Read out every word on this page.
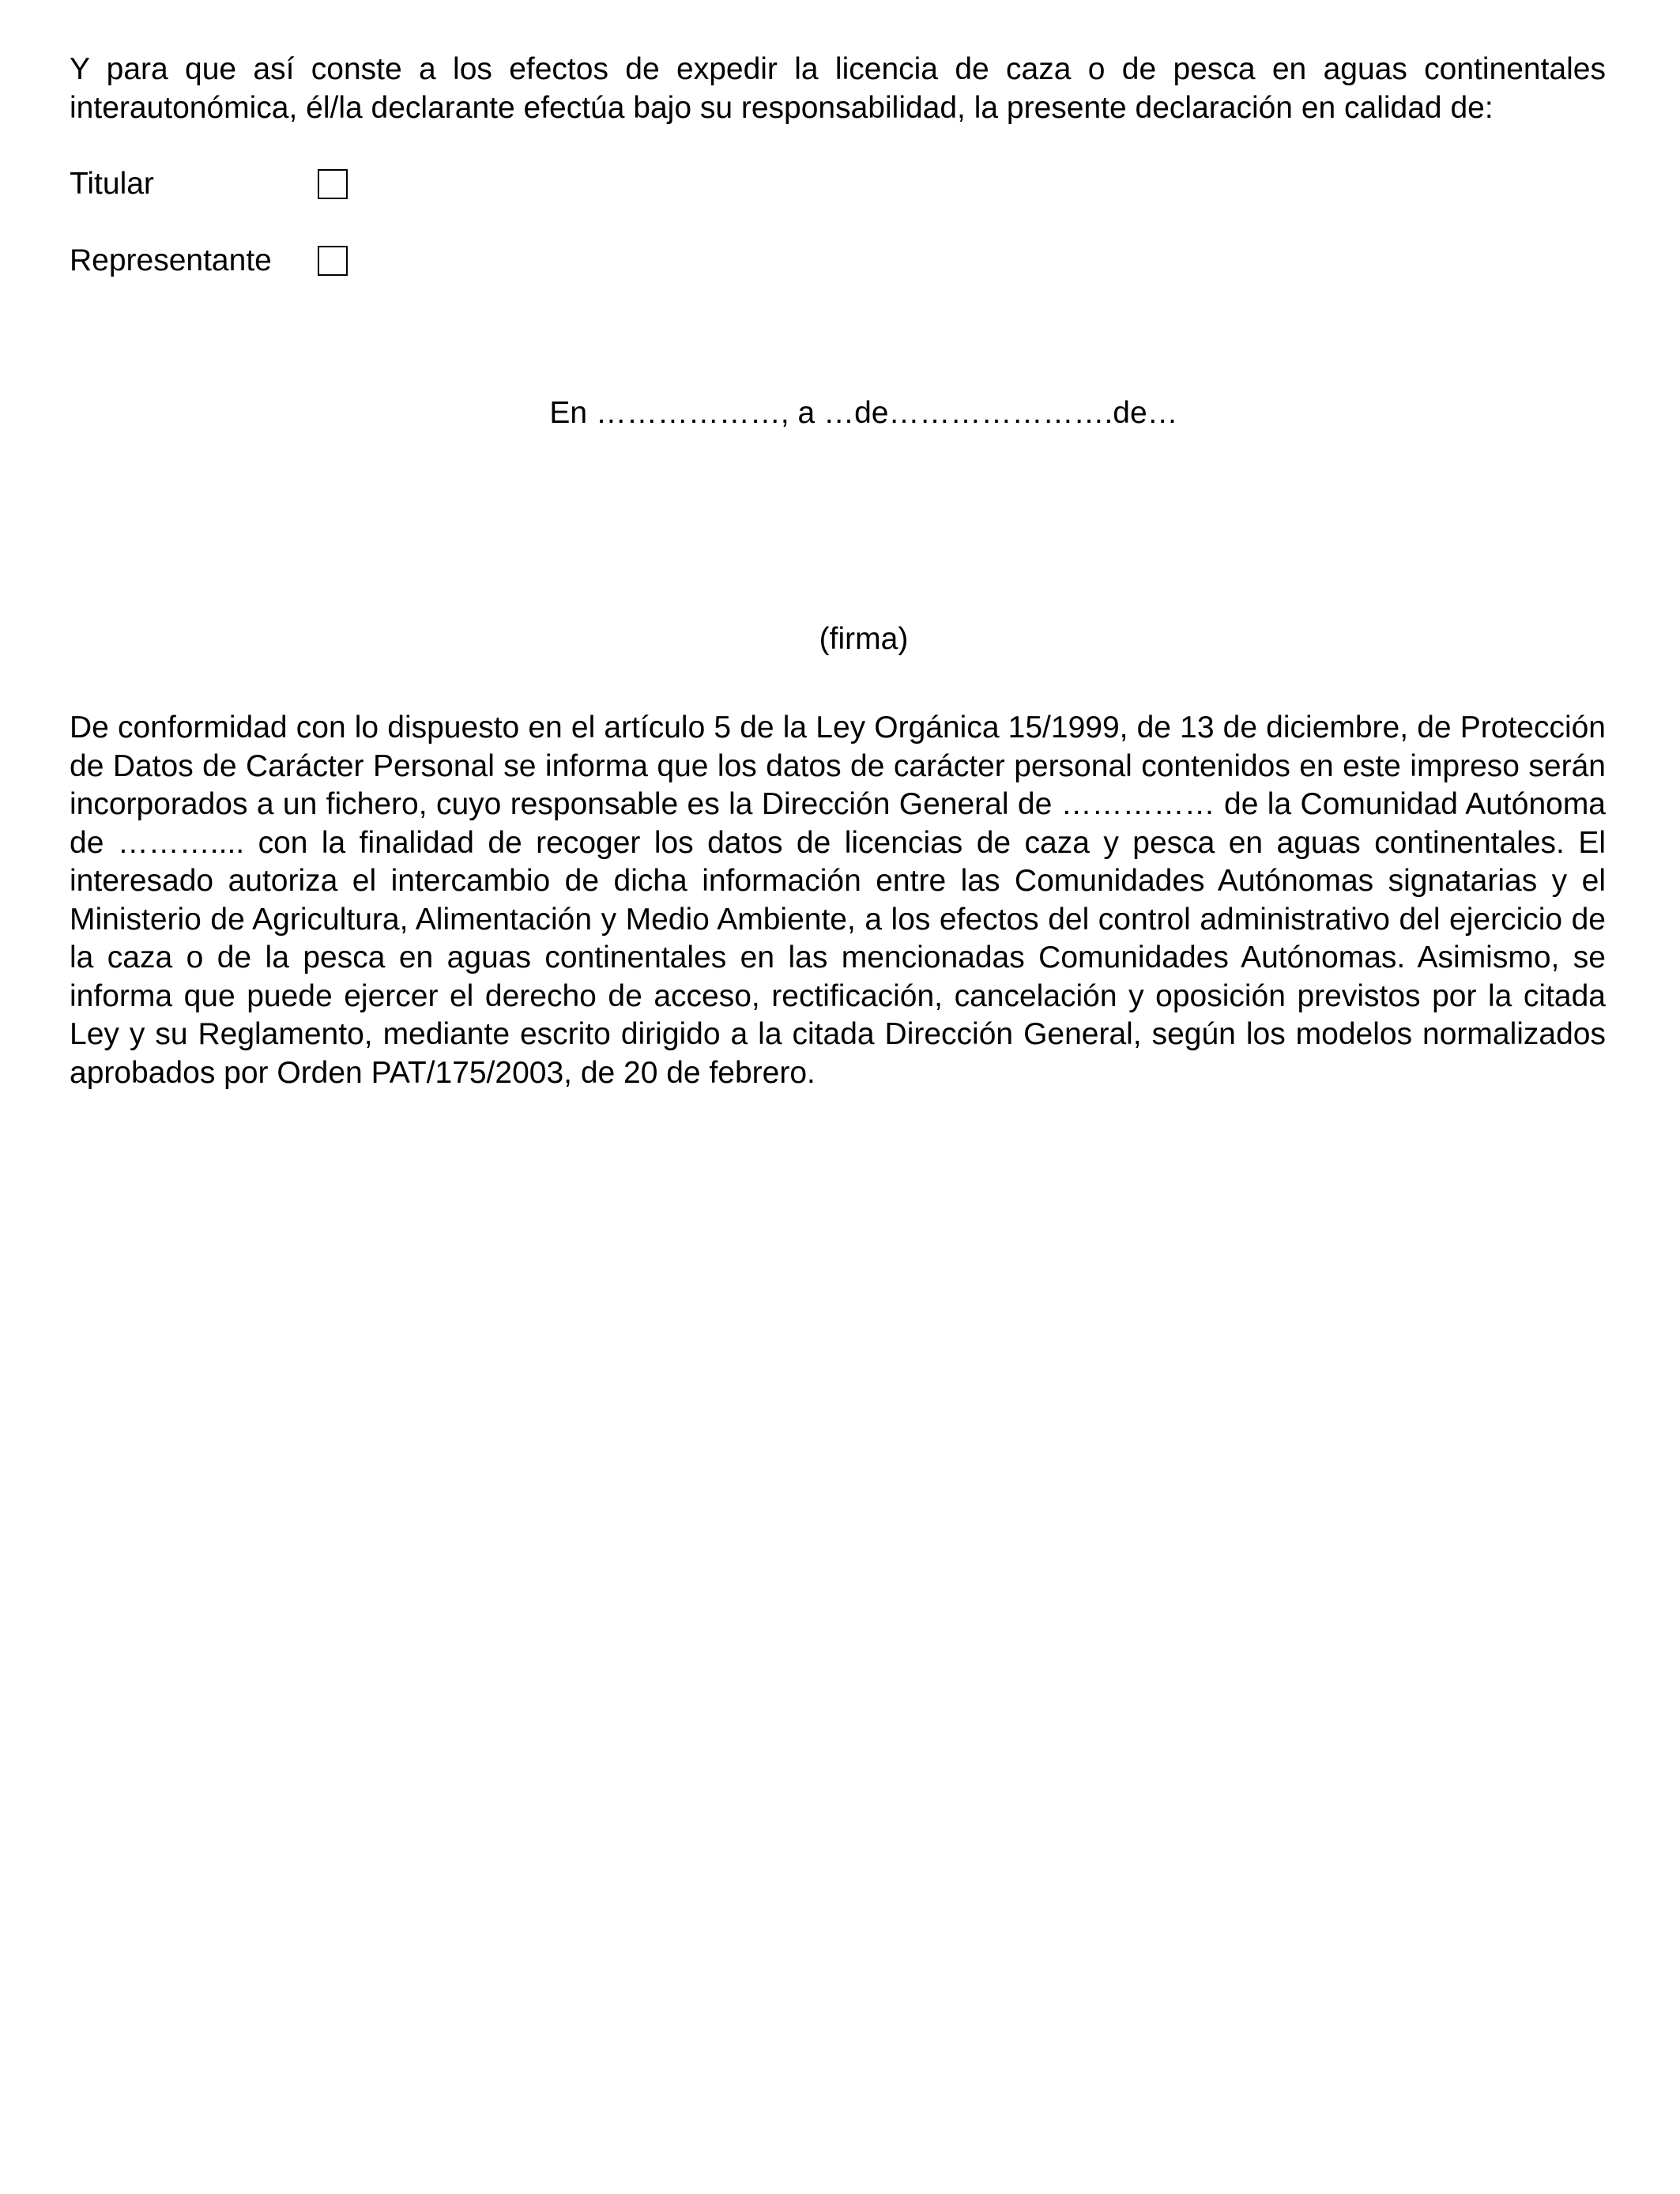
Y para que así conste a los efectos de expedir la licencia de caza o de pesca en aguas continentales interautonómica, él/la declarante efectúa bajo su responsabilidad, la presente declaración en calidad de:

Titular
Representante

En ………………, a …de………………….de…

(firma)

De conformidad con lo dispuesto en el artículo 5 de la Ley Orgánica 15/1999, de 13 de diciembre, de Protección de Datos de Carácter Personal se informa que los datos de carácter personal contenidos en este impreso serán incorporados a un fichero, cuyo responsable es la Dirección General de …………… de la Comunidad Autónoma de ……….... con la finalidad de recoger los datos de licencias de caza y pesca en aguas continentales. El interesado autoriza el intercambio de dicha información entre las Comunidades Autónomas signatarias y el Ministerio de Agricultura, Alimentación y Medio Ambiente, a los efectos del control administrativo del ejercicio de la caza o de la pesca en aguas continentales en las mencionadas Comunidades Autónomas. Asimismo, se informa que puede ejercer el derecho de acceso, rectificación, cancelación y oposición previstos por la citada Ley y su Reglamento, mediante escrito dirigido a la citada Dirección General, según los modelos normalizados aprobados por Orden PAT/175/2003, de 20 de febrero.
